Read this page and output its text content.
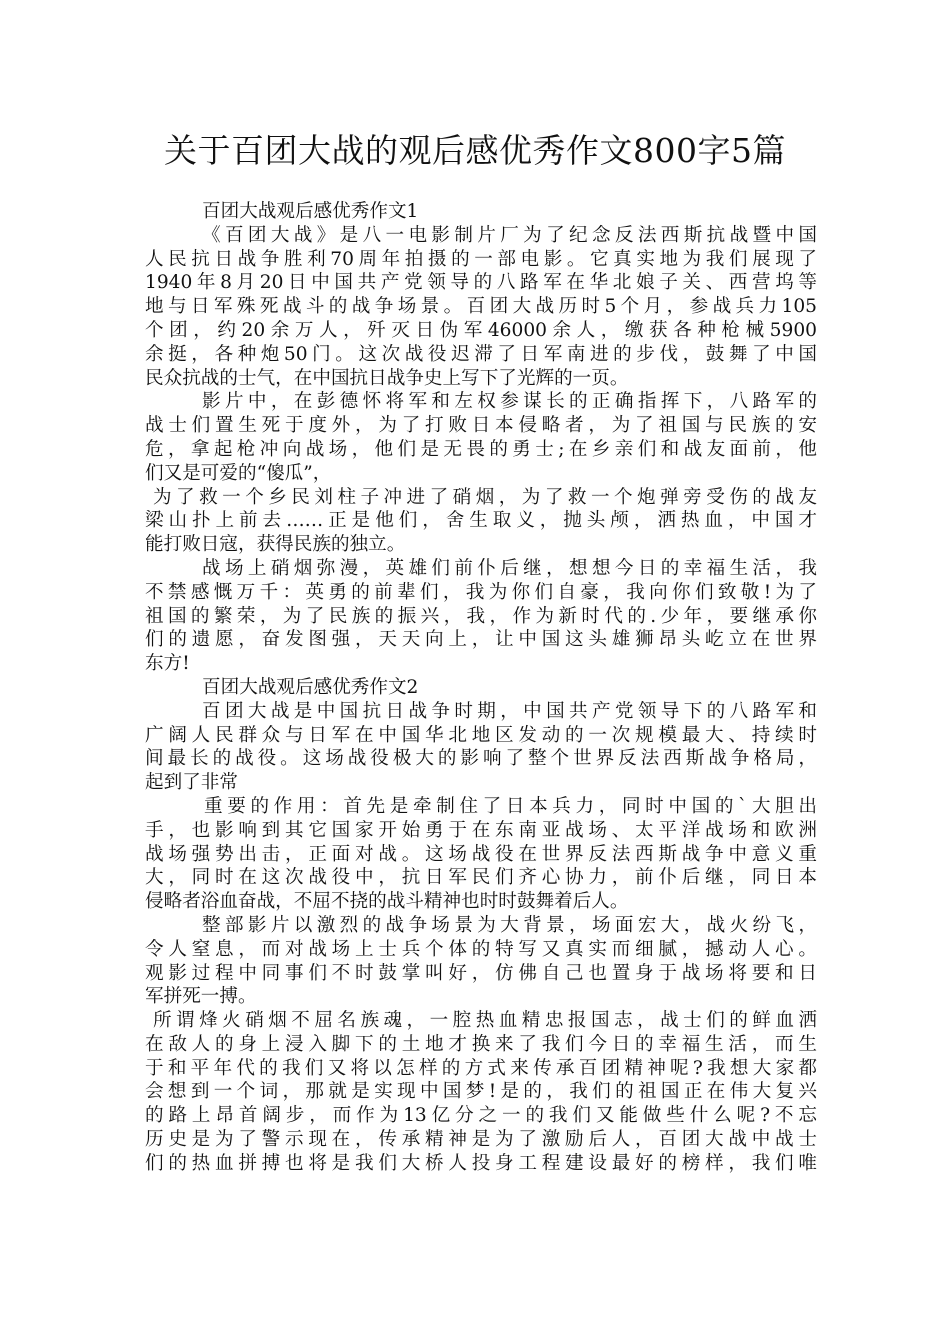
关于百团大战的观后感优秀作文800字5篇
百团大战观后感优秀作文1
《百团大战》是八一电影制片厂为了纪念反法西斯抗战暨中国
人民抗日战争胜利70周年拍摄的一部电影。它真实地为我们展现了
1940年8月20日中国共产党领导的八路军在华北娘子关、西营坞等
地与日军殊死战斗的战争场景。百团大战历时5个月，参战兵力105
个团，约20余万人，歼灭日伪军46000余人，缴获各种枪械5900
余挺，各种炮50门。这次战役迟滞了日军南进的步伐，鼓舞了中国
民众抗战的士气，在中国抗日战争史上写下了光辉的一页。
影片中，在彭德怀将军和左权参谋长的正确指挥下，八路军的
战士们置生死于度外，为了打败日本侵略者，为了祖国与民族的安
危，拿起枪冲向战场，他们是无畏的勇士;在乡亲们和战友面前，他
们又是可爱的“傻瓜”，
为了救一个乡民刘柱子冲进了硝烟，为了救一个炮弹旁受伤的战友
梁山扑上前去……正是他们，舍生取义，抛头颅，洒热血，中国才
能打败日寇，获得民族的独立。
战场上硝烟弥漫，英雄们前仆后继，想想今日的幸福生活，我
不禁感慨万千：英勇的前辈们，我为你们自豪，我向你们致敬!为了
祖国的繁荣，为了民族的振兴，我，作为新时代的.少年，要继承你
们的遗愿，奋发图强，天天向上，让中国这头雄狮昂头屹立在世界
东方!
百团大战观后感优秀作文2
百团大战是中国抗日战争时期，中国共产党领导下的八路军和
广阔人民群众与日军在中国华北地区发动的一次规模最大、持续时
间最长的战役。这场战役极大的影响了整个世界反法西斯战争格局，
起到了非常
重要的作用：首先是牵制住了日本兵力，同时中国的`大胆出
手，也影响到其它国家开始勇于在东南亚战场、太平洋战场和欧洲
战场强势出击，正面对战。这场战役在世界反法西斯战争中意义重
大，同时在这次战役中，抗日军民们齐心协力，前仆后继，同日本
侵略者浴血奋战，不屈不挠的战斗精神也时时鼓舞着后人。
整部影片以激烈的战争场景为大背景，场面宏大，战火纷飞，
令人窒息，而对战场上士兵个体的特写又真实而细腻，撼动人心。
观影过程中同事们不时鼓掌叫好，仿佛自己也置身于战场将要和日
军拼死一搏。
所谓烽火硝烟不屈名族魂，一腔热血精忠报国志，战士们的鲜血洒
在敌人的身上浸入脚下的土地才换来了我们今日的幸福生活，而生
于和平年代的我们又将以怎样的方式来传承百团精神呢?我想大家都
会想到一个词，那就是实现中国梦!是的，我们的祖国正在伟大复兴
的路上昂首阔步，而作为13亿分之一的我们又能做些什么呢?不忘
历史是为了警示现在，传承精神是为了激励后人，百团大战中战士
们的热血拼搏也将是我们大桥人投身工程建设最好的榜样，我们唯
